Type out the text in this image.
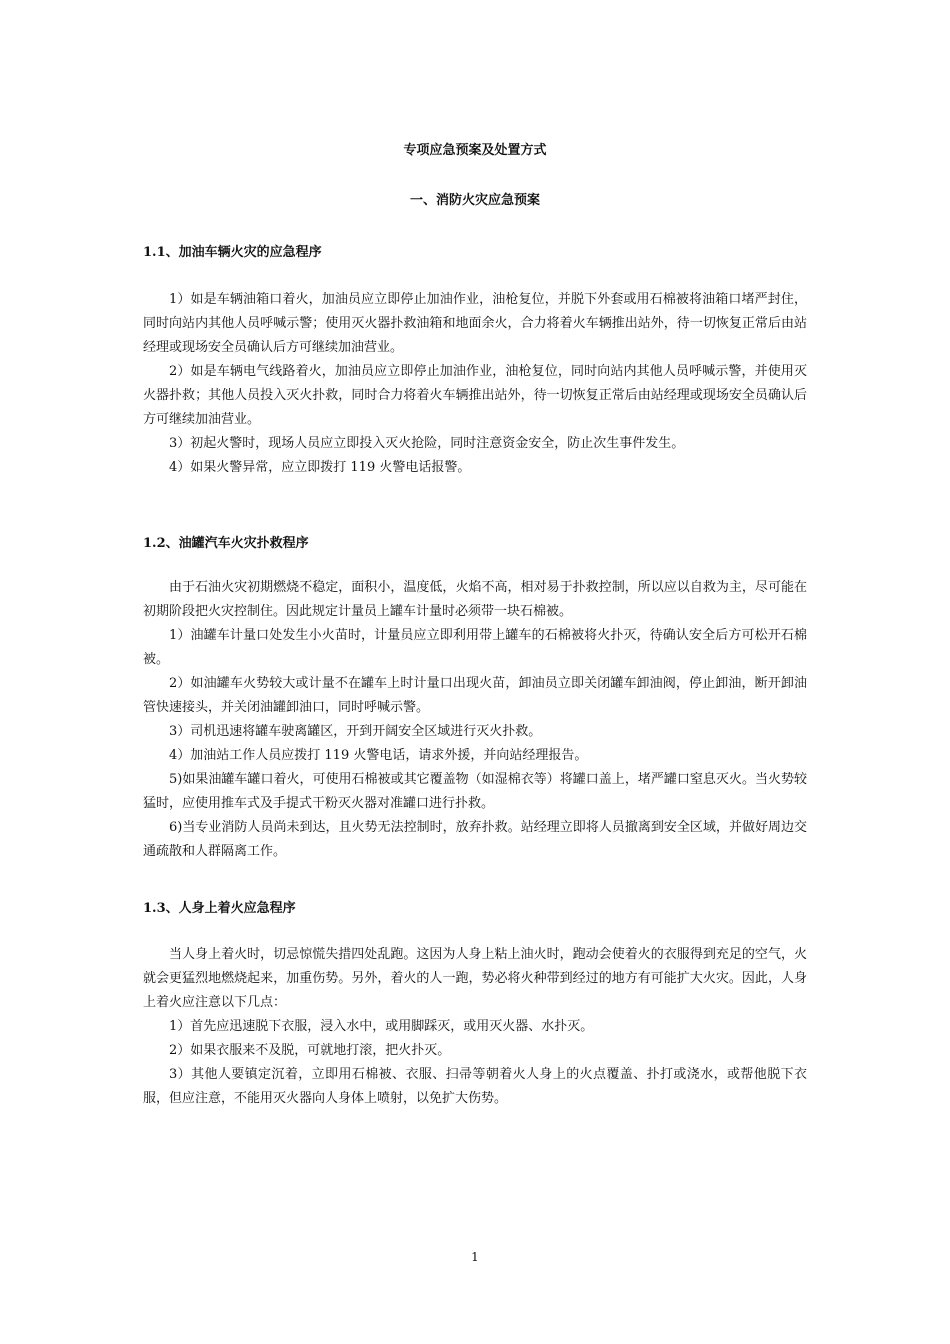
专项应急预案及处置方式
一、消防火灾应急预案
1.1、加油车辆火灾的应急程序

1）如是车辆油箱口着火，加油员应立即停止加油作业，油枪复位，并脱下外套或用石棉被将油箱口堵严封住，同时向站内其他人员呼喊示警；使用灭火器扑救油箱和地面余火，合力将着火车辆推出站外，待一切恢复正常后由站经理或现场安全员确认后方可继续加油营业。

2）如是车辆电气线路着火，加油员应立即停止加油作业，油枪复位，同时向站内其他人员呼喊示警，并使用灭火器扑救；其他人员投入灭火扑救，同时合力将着火车辆推出站外，待一切恢复正常后由站经理或现场安全员确认后方可继续加油营业。

3）初起火警时，现场人员应立即投入灭火抢险，同时注意资金安全，防止次生事件发生。

4）如果火警异常，应立即拨打 119 火警电话报警。

1.2、油罐汽车火灾扑救程序

由于石油火灾初期燃烧不稳定，面积小，温度低，火焰不高，相对易于扑救控制，所以应以自救为主，尽可能在初期阶段把火灾控制住。因此规定计量员上罐车计量时必须带一块石棉被。

1）油罐车计量口处发生小火苗时，计量员应立即利用带上罐车的石棉被将火扑灭，待确认安全后方可松开石棉被。

2）如油罐车火势较大或计量不在罐车上时计量口出现火苗，卸油员立即关闭罐车卸油阀，停止卸油，断开卸油管快速接头，并关闭油罐卸油口，同时呼喊示警。

3）司机迅速将罐车驶离罐区，开到开阔安全区域进行灭火扑救。

4）加油站工作人员应拨打 119 火警电话，请求外援，并向站经理报告。

5)如果油罐车罐口着火，可使用石棉被或其它覆盖物（如湿棉衣等）将罐口盖上，堵严罐口窒息灭火。当火势较猛时，应使用推车式及手提式干粉灭火器对准罐口进行扑救。

6)当专业消防人员尚未到达，且火势无法控制时，放弃扑救。站经理立即将人员撤离到安全区域，并做好周边交通疏散和人群隔离工作。

1.3、人身上着火应急程序

当人身上着火时，切忌惊慌失措四处乱跑。这因为人身上粘上油火时，跑动会使着火的衣服得到充足的空气，火就会更猛烈地燃烧起来，加重伤势。另外，着火的人一跑，势必将火种带到经过的地方有可能扩大火灾。因此，人身上着火应注意以下几点：

1）首先应迅速脱下衣服，浸入水中，或用脚踩灭，或用灭火器、水扑灭。

2）如果衣服来不及脱，可就地打滚，把火扑灭。

3）其他人要镇定沉着，立即用石棉被、衣服、扫帚等朝着火人身上的火点覆盖、扑打或浇水，或帮他脱下衣服，但应注意，不能用灭火器向人身体上喷射，以免扩大伤势。

1
